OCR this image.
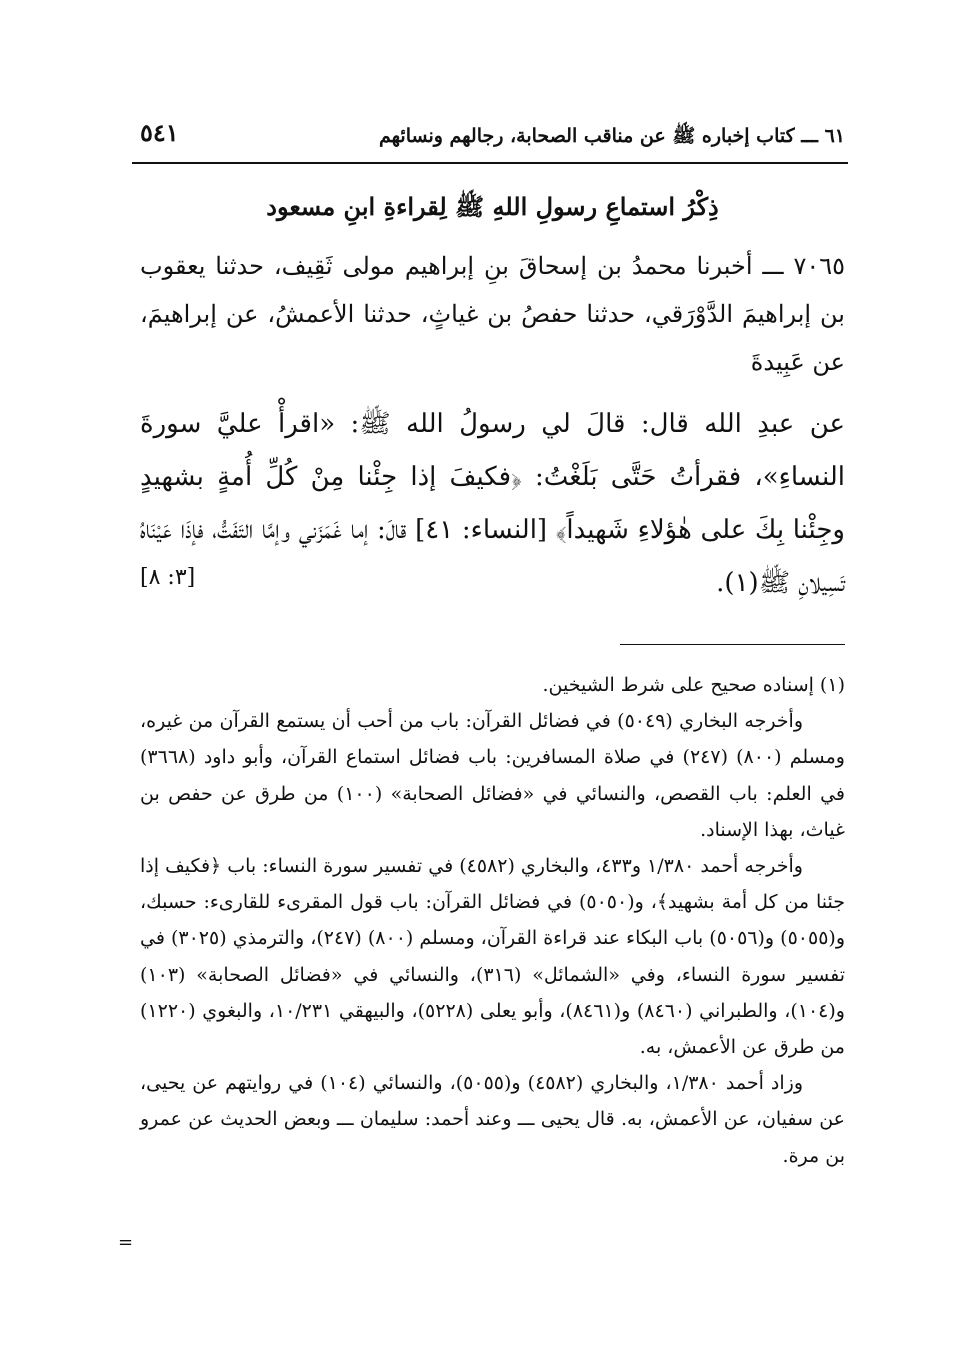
٦١ ـــ كتاب إخباره ﷺ عن مناقب الصحابة، رجالهم ونسائهم
٥٤١
ذِكْرُ استماعِ رسولِ اللهِ ﷺ لِقراءةِ ابنِ مسعود
٧٠٦٥ ـــ أخبرنا محمدُ بن إسحاقَ بنِ إبراهيم مولى ثَقِيف، حدثنا يعقوب بن إبراهيمَ الدَّوْرَقي، حدثنا حفصُ بن غياثٍ، حدثنا الأعمشُ، عن إبراهيمَ، عن عَبِيدةَ
عن عبدِ الله قال: قالَ لي رسولُ الله ﷺ: «اقرأْ عليَّ سورةَ النساءِ»، فقرأتُ حَتَّى بَلَغْتُ: ﴿فكيفَ إذا جِئْنا مِنْ كُلِّ أُمةٍ بشهيدٍ وجِئْنا بِكَ على هٰؤلاءِ شَهيداً﴾ [النساء: ٤١] قالَ: إما غَمَزَني وإمَّا التَفَتُّ، فإذَا عَيْنَاهُ تَسِيلانِ ﷺ(١).
[٣: ٨]

(١) إسناده صحيح على شرط الشيخين.

وأخرجه البخاري (٥٠٤٩) في فضائل القرآن: باب من أحب أن يستمع القرآن من غيره، ومسلم (٨٠٠) (٢٤٧) في صلاة المسافرين: باب فضائل استماع القرآن، وأبو داود (٣٦٦٨) في العلم: باب القصص، والنسائي في «فضائل الصحابة» (١٠٠) من طرق عن حفص بن غياث، بهذا الإسناد.

وأخرجه أحمد ١/٣٨٠ و٤٣٣، والبخاري (٤٥٨٢) في تفسير سورة النساء: باب ﴿فكيف إذا جئنا من كل أمة بشهيد﴾، و(٥٠٥٠) في فضائل القرآن: باب قول المقرىء للقارىء: حسبك، و(٥٠٥٥) و(٥٠٥٦) باب البكاء عند قراءة القرآن، ومسلم (٨٠٠) (٢٤٧)، والترمذي (٣٠٢٥) في تفسير سورة النساء، وفي «الشمائل» (٣١٦)، والنسائي في «فضائل الصحابة» (١٠٣) و(١٠٤)، والطبراني (٨٤٦٠) و(٨٤٦١)، وأبو يعلى (٥٢٢٨)، والبيهقي ١٠/٢٣١، والبغوي (١٢٢٠) من طرق عن الأعمش، به.

وزاد أحمد ١/٣٨٠، والبخاري (٤٥٨٢) و(٥٠٥٥)، والنسائي (١٠٤) في روايتهم عن يحيى، عن سفيان، عن الأعمش، به. قال يحيى ـــ وعند أحمد: سليمان ـــ وبعض الحديث عن عمرو بن مرة.

=
